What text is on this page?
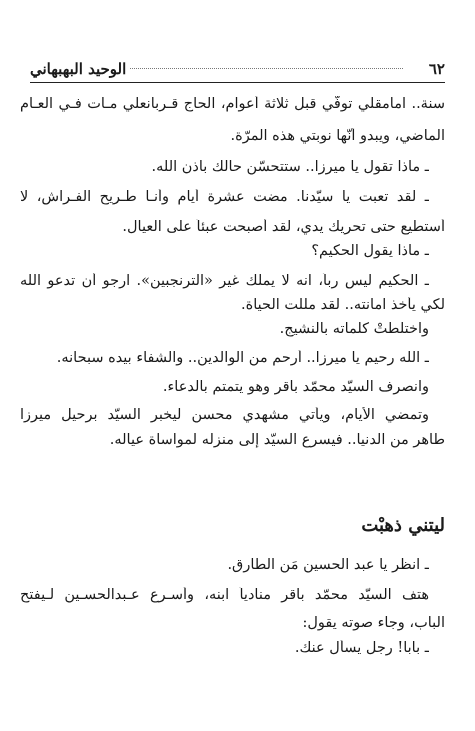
٦٢
الوحيد البهبهاني
سنة.. امامقلي توفّي قبل ثلاثة أعوام، الحاج قـربانعلي مـات فـي العـام
الماضي، ويبدو أنّها نوبتي هذه المرّة.
ـ ماذا تقول يا ميرزا.. ستتحسّن حالك باذن الله.
ـ لقد تعبت يا سيّدنا. مضت عشرة أيام وأنـا طـريح الفـراش، لا
أستطيع حتى تحريك يدي، لقد أصبحت عبئاً على العيال.
ـ ماذا يقول الحكيم؟
ـ الحكيم ليس رباً، انه لا يملك غير «الترنجبين». ارجو أن تدعو الله
لكي يأخذ امانته.. لقد مللت الحياة.
واختلطتْ كلماته بالنشيج.
ـ الله رحيم يا ميرزا.. أرحم من الوالدين.. والشفاء بيده سبحانه.
وانصرف السيّد محمّد باقر وهو يتمتم بالدعاء.
وتمضي الأيام، ويأتي مشهدي محسن ليخبر السيّد برحيل ميرزا
طاهر من الدنيا.. فيسرع السيّد إلى منزله لمواساة عياله.
ليتني ذهبْت
ـ انظر يا عبد الحسين مَن الطارق.
هتف السيّد محمّد باقر منادياً ابنه، وأسـرع عـبدالحسـين لـيفتح
الباب، وجاء صوته يقول:
ـ بابا! رجل يسأل عنك.
